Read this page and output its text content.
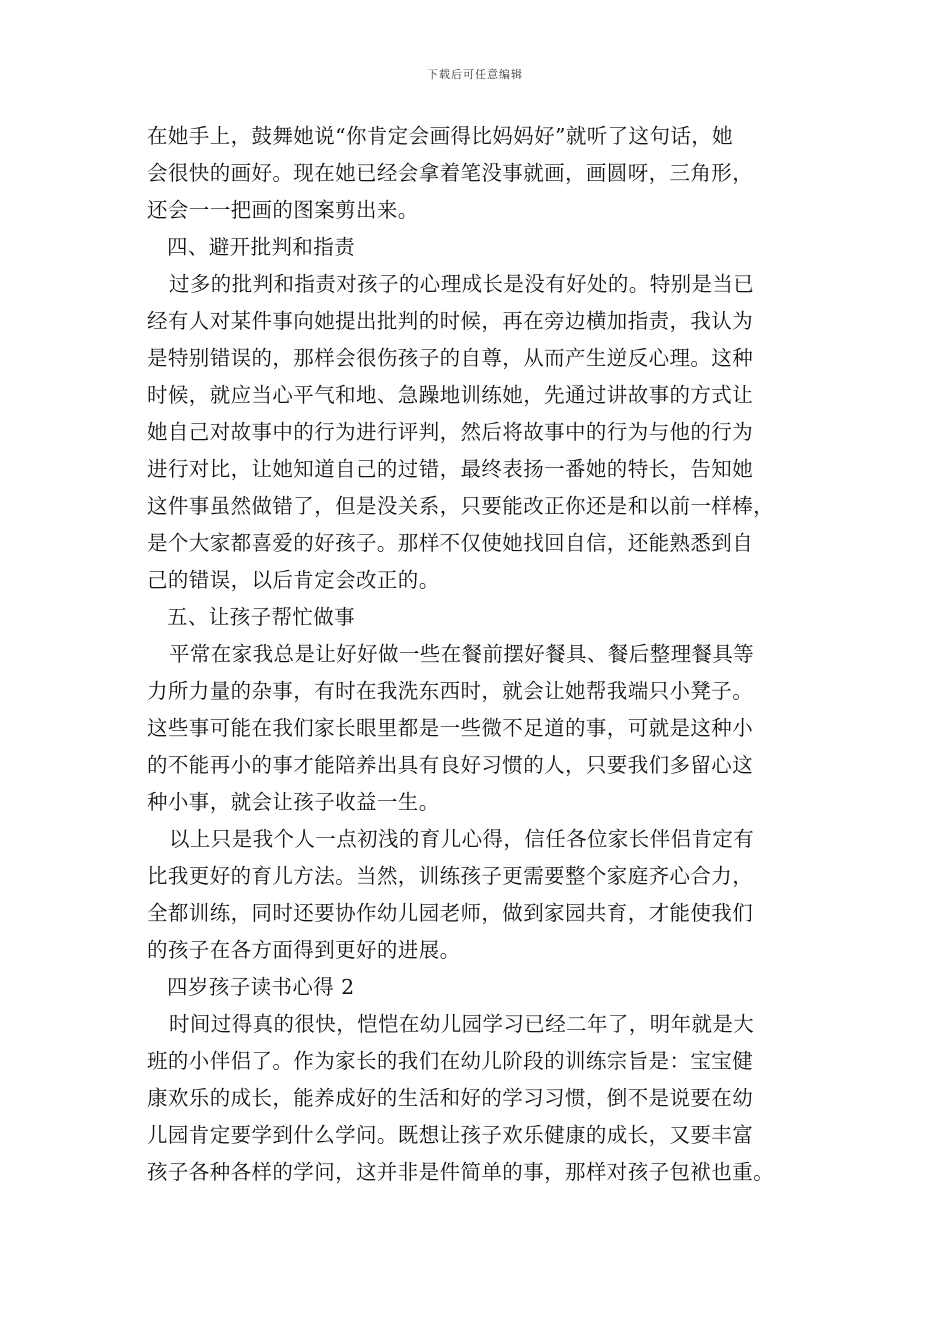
下载后可任意编辑
在她手上，鼓舞她说“你肯定会画得比妈妈好”就听了这句话，她
会很快的画好。现在她已经会拿着笔没事就画，画圆呀，三角形，
还会一一把画的图案剪出来。
四、避开批判和指责
过多的批判和指责对孩子的心理成长是没有好处的。特别是当已
经有人对某件事向她提出批判的时候，再在旁边横加指责，我认为
是特别错误的，那样会很伤孩子的自尊，从而产生逆反心理。这种
时候，就应当心平气和地、急躁地训练她，先通过讲故事的方式让
她自己对故事中的行为进行评判，然后将故事中的行为与他的行为
进行对比，让她知道自己的过错，最终表扬一番她的特长，告知她
这件事虽然做错了，但是没关系，只要能改正你还是和以前一样棒，
是个大家都喜爱的好孩子。那样不仅使她找回自信，还能熟悉到自
己的错误，以后肯定会改正的。
五、让孩子帮忙做事
平常在家我总是让好好做一些在餐前摆好餐具、餐后整理餐具等
力所力量的杂事，有时在我洗东西时，就会让她帮我端只小凳子。
这些事可能在我们家长眼里都是一些微不足道的事，可就是这种小
的不能再小的事才能陪养出具有良好习惯的人，只要我们多留心这
种小事，就会让孩子收益一生。
以上只是我个人一点初浅的育儿心得，信任各位家长伴侣肯定有
比我更好的育儿方法。当然，训练孩子更需要整个家庭齐心合力，
全都训练，同时还要协作幼儿园老师，做到家园共育，才能使我们
的孩子在各方面得到更好的进展。
四岁孩子读书心得 2
时间过得真的很快，恺恺在幼儿园学习已经二年了，明年就是大
班的小伴侣了。作为家长的我们在幼儿阶段的训练宗旨是：宝宝健
康欢乐的成长，能养成好的生活和好的学习习惯，倒不是说要在幼
儿园肯定要学到什么学问。既想让孩子欢乐健康的成长，又要丰富
孩子各种各样的学问，这并非是件简单的事，那样对孩子包袱也重。
